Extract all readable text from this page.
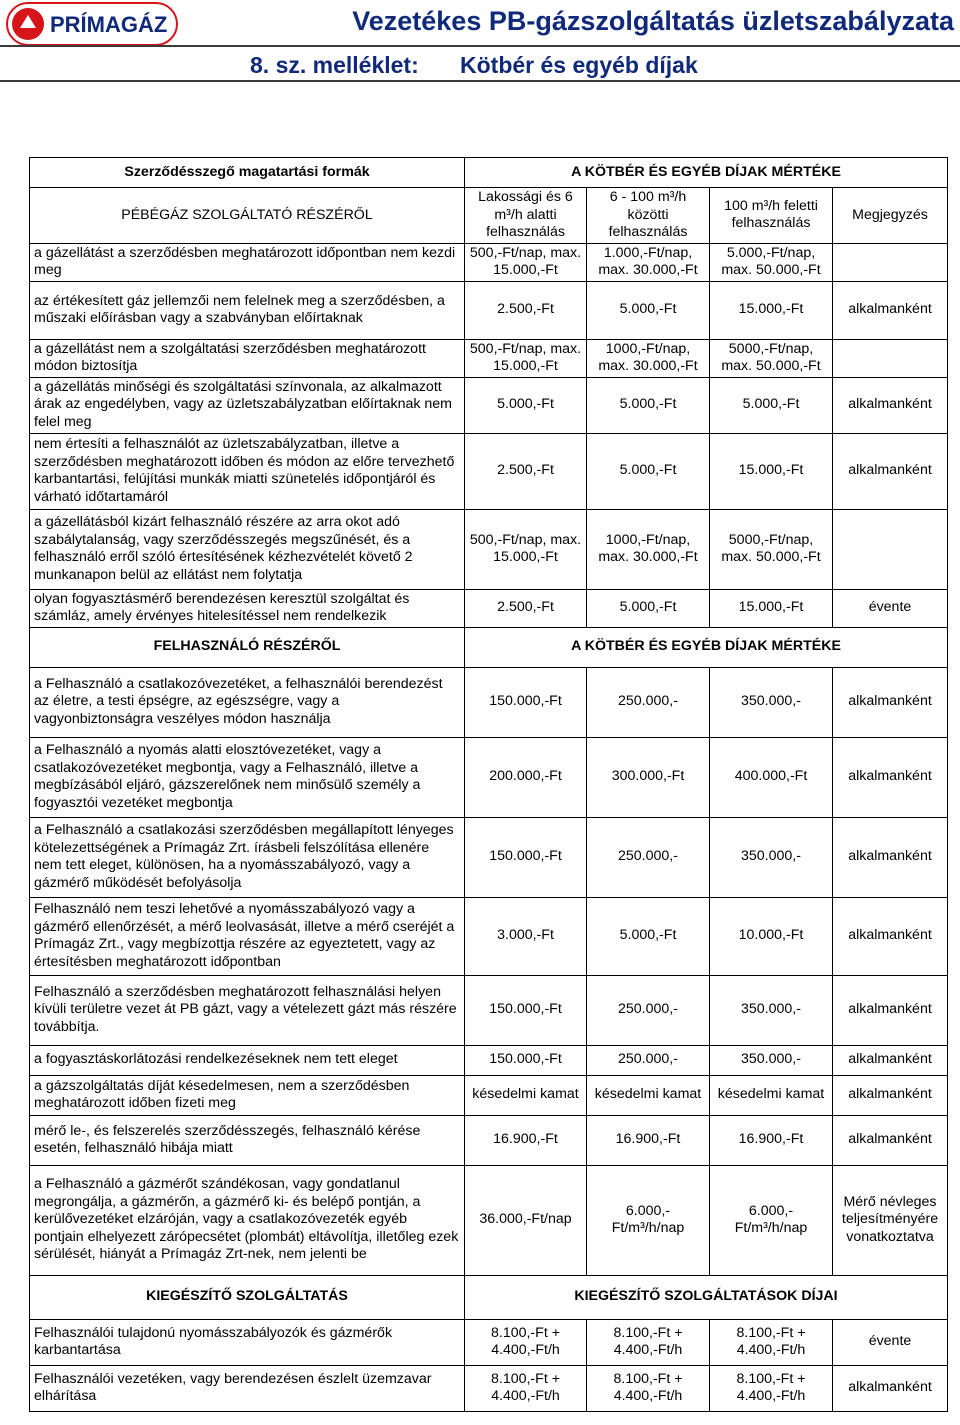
PRÍMAGÁZ	Vezetékes PB-gázszolgáltatás üzletszabályzata
8. sz. melléklet: Kötbér és egyéb díjak
Szerződésszegő magatartási formák	A KÖTBÉR ÉS EGYÉB DÍJAK MÉRTÉKE			
PÉBÉGÁZ SZOLGÁLTATÓ RÉSZÉRŐL	Lakossági és 6 m³/h alatti felhasználás	6 - 100 m³/h közötti felhasználás	100 m³/h feletti felhasználás	Megjegyzés
a gázellátást a szerződésben meghatározott időpontban nem kezdi meg	500,-Ft/nap, max. 15.000,-Ft	1.000,-Ft/nap, max. 30.000,-Ft	5.000,-Ft/nap, max. 50.000,-Ft	
az értékesített gáz jellemzői nem felelnek meg a szerződésben, a műszaki előírásban vagy a szabványban előírtaknak	2.500,-Ft	5.000,-Ft	15.000,-Ft	alkalmanként
a gázellátást nem a szolgáltatási szerződésben meghatározott módon biztosítja	500,-Ft/nap, max. 15.000,-Ft	1000,-Ft/nap, max. 30.000,-Ft	5000,-Ft/nap, max. 50.000,-Ft	
a gázellátás minőségi és szolgáltatási színvonala, az alkalmazott árak az engedélyben, vagy az üzletszabályzatban előírtaknak nem felel meg	5.000,-Ft	5.000,-Ft	5.000,-Ft	alkalmanként
nem értesíti a felhasználót az üzletszabályzatban, illetve a szerződésben meghatározott időben és módon az előre tervezhető karbantartási, felújítási munkák miatti szünetelés időpontjáról és várható időtartamáról	2.500,-Ft	5.000,-Ft	15.000,-Ft	alkalmanként
a gázellátásból kizárt felhasználó részére az arra okot adó szabálytalanság, vagy szerződésszegés megszűnését, és a felhasználó erről szóló értesítésének kézhezvételét követő 2 munkanapon belül az ellátást nem folytatja	500,-Ft/nap, max. 15.000,-Ft	1000,-Ft/nap, max. 30.000,-Ft	5000,-Ft/nap, max. 50.000,-Ft	
olyan fogyasztásmérő berendezésen keresztül szolgáltat és számláz, amely érvényes hitelesítéssel nem rendelkezik	2.500,-Ft	5.000,-Ft	15.000,-Ft	évente
FELHASZNÁLÓ RÉSZÉRŐL	A KÖTBÉR ÉS EGYÉB DÍJAK MÉRTÉKE			
a Felhasználó a csatlakozóvezetéket, a felhasználói berendezést az életre, a testi épségre, az egészségre, vagy a vagyonbiztonságra veszélyes módon használja	150.000,-Ft	250.000,-	350.000,-	alkalmanként
a Felhasználó a nyomás alatti elosztóvezetéket, vagy a csatlakozóvezetéket megbontja, vagy a Felhasználó, illetve a megbízásából eljáró, gázszerelőnek nem minősülő személy a fogyasztói vezetéket megbontja	200.000,-Ft	300.000,-Ft	400.000,-Ft	alkalmanként
a Felhasználó a csatlakozási szerződésben megállapított lényeges kötelezettségének a Prímagáz Zrt. írásbeli felszólítása ellenére nem tett eleget, különösen, ha a nyomásszabályozó, vagy a gázmérő működését befolyásolja	150.000,-Ft	250.000,-	350.000,-	alkalmanként
Felhasználó nem teszi lehetővé a nyomásszabályozó vagy a gázmérő ellenőrzését, a mérő leolvasását, illetve a mérő cseréjét a Prímagáz Zrt., vagy megbízottja részére az egyeztetett, vagy az értesítésben meghatározott időpontban	3.000,-Ft	5.000,-Ft	10.000,-Ft	alkalmanként
Felhasználó a szerződésben meghatározott felhasználási helyen kívüli területre vezet át PB gázt, vagy a vételezett gázt más részére továbbítja.	150.000,-Ft	250.000,-	350.000,-	alkalmanként
a fogyasztáskorlátozási rendelkezéseknek nem tett eleget	150.000,-Ft	250.000,-	350.000,-	alkalmanként
a gázszolgáltatás díját késedelmesen, nem a szerződésben meghatározott időben fizeti meg	késedelmi kamat	késedelmi kamat	késedelmi kamat	alkalmanként
mérő le-, és felszerelés szerződésszegés, felhasználó kérése esetén, felhasználó hibája miatt	16.900,-Ft	16.900,-Ft	16.900,-Ft	alkalmanként
a Felhasználó a gázmérőt szándékosan, vagy gondatlanul megrongálja, a gázmérőn, a gázmérő ki- és belépő pontján, a kerülővezetéket elzáróján, vagy a csatlakozóvezeték egyéb pontjain elhelyezett zárópecsétet (plombát) eltávolítja, illetőleg ezek sérülését, hiányát a Prímagáz Zrt-nek, nem jelenti be	36.000,-Ft/nap	6.000,- Ft/m³/h/nap	6.000,- Ft/m³/h/nap	Mérő névleges teljesítményére vonatkoztatva
KIEGÉSZÍTŐ SZOLGÁLTATÁS	KIEGÉSZÍTŐ SZOLGÁLTATÁSOK DÍJAI			
Felhasználói tulajdonú nyomásszabályozók és gázmérők karbantartása	8.100,-Ft + 4.400,-Ft/h	8.100,-Ft + 4.400,-Ft/h	8.100,-Ft + 4.400,-Ft/h	évente
Felhasználói vezetéken, vagy berendezésen észlelt üzemzavar elhárítása	8.100,-Ft + 4.400,-Ft/h	8.100,-Ft + 4.400,-Ft/h	8.100,-Ft + 4.400,-Ft/h	alkalmanként
